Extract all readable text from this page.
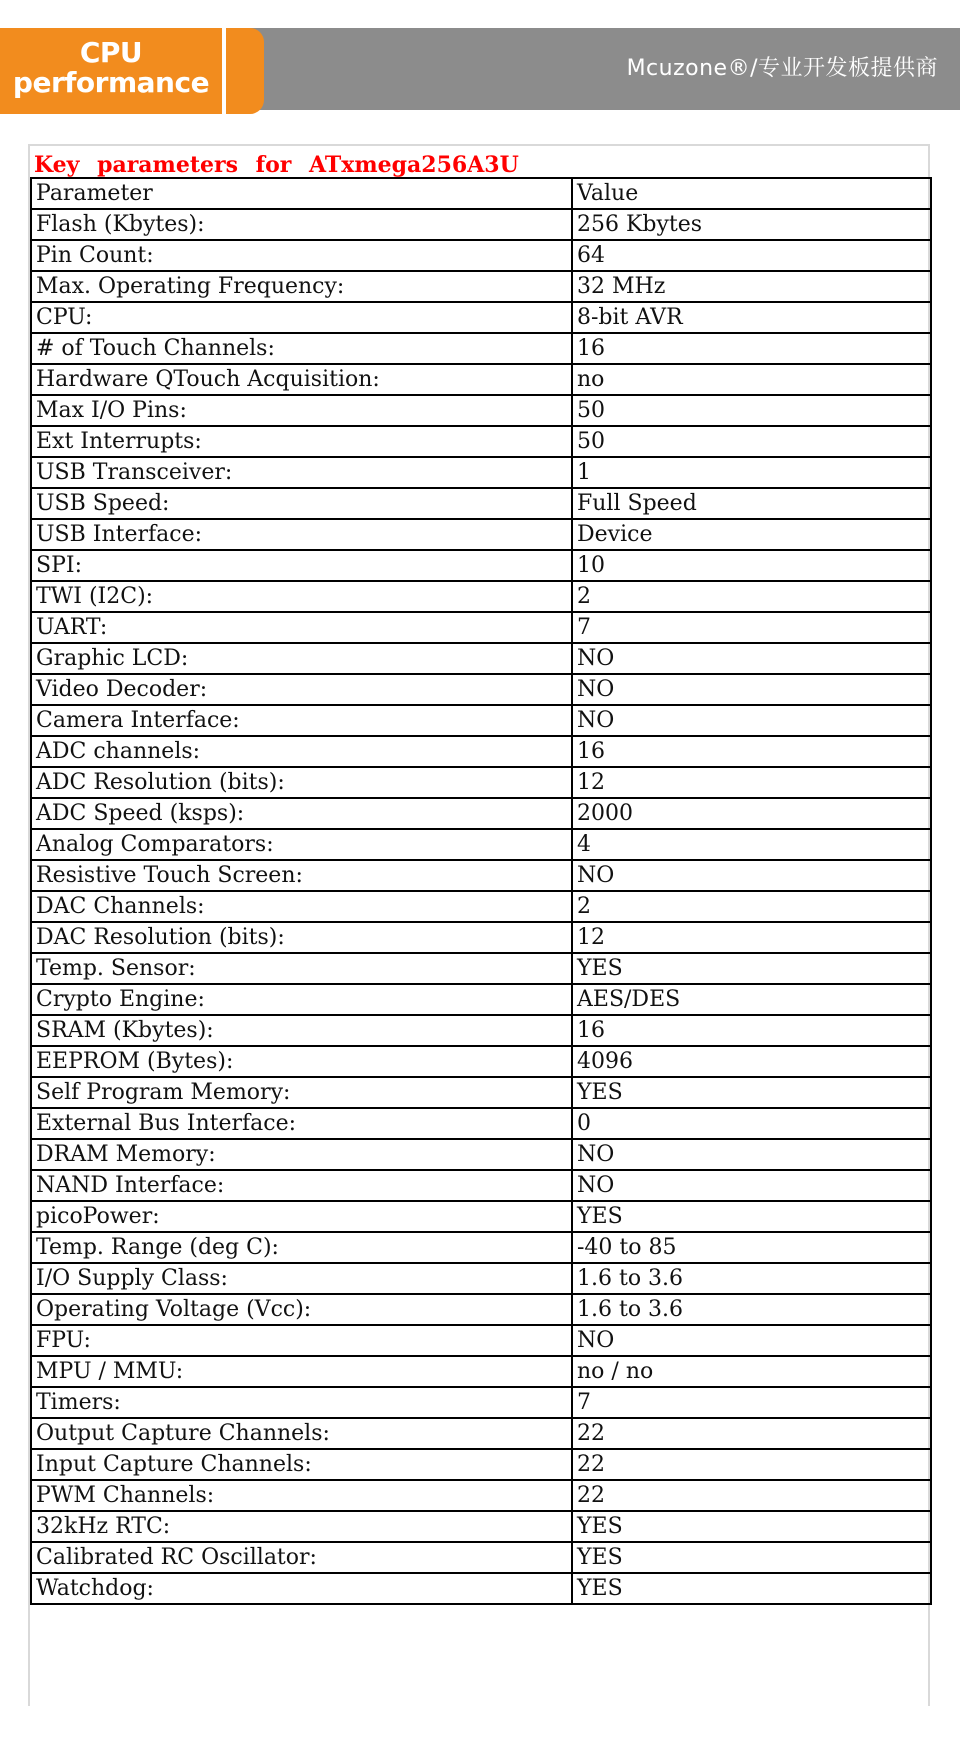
CPU
performance	Mcuzone®/专业开发板提供商
Key parameters for ATxmega256A3U
Parameter	Value
Flash (Kbytes):	256 Kbytes
Pin Count:	64
Max. Operating Frequency:	32 MHz
CPU:	8-bit AVR
# of Touch Channels:	16
Hardware QTouch Acquisition:	no
Max I/O Pins:	50
Ext Interrupts:	50
USB Transceiver:	1
USB Speed:	Full Speed
USB Interface:	Device
SPI:	10
TWI (I2C):	2
UART:	7
Graphic LCD:	NO
Video Decoder:	NO
Camera Interface:	NO
ADC channels:	16
ADC Resolution (bits):	12
ADC Speed (ksps):	2000
Analog Comparators:	4
Resistive Touch Screen:	NO
DAC Channels:	2
DAC Resolution (bits):	12
Temp. Sensor:	YES
Crypto Engine:	AES/DES
SRAM (Kbytes):	16
EEPROM (Bytes):	4096
Self Program Memory:	YES
External Bus Interface:	0
DRAM Memory:	NO
NAND Interface:	NO
picoPower:	YES
Temp. Range (deg C):	-40 to 85
I/O Supply Class:	1.6 to 3.6
Operating Voltage (Vcc):	1.6 to 3.6
FPU:	NO
MPU / MMU:	no / no
Timers:	7
Output Capture Channels:	22
Input Capture Channels:	22
PWM Channels:	22
32kHz RTC:	YES
Calibrated RC Oscillator:	YES
Watchdog:	YES
